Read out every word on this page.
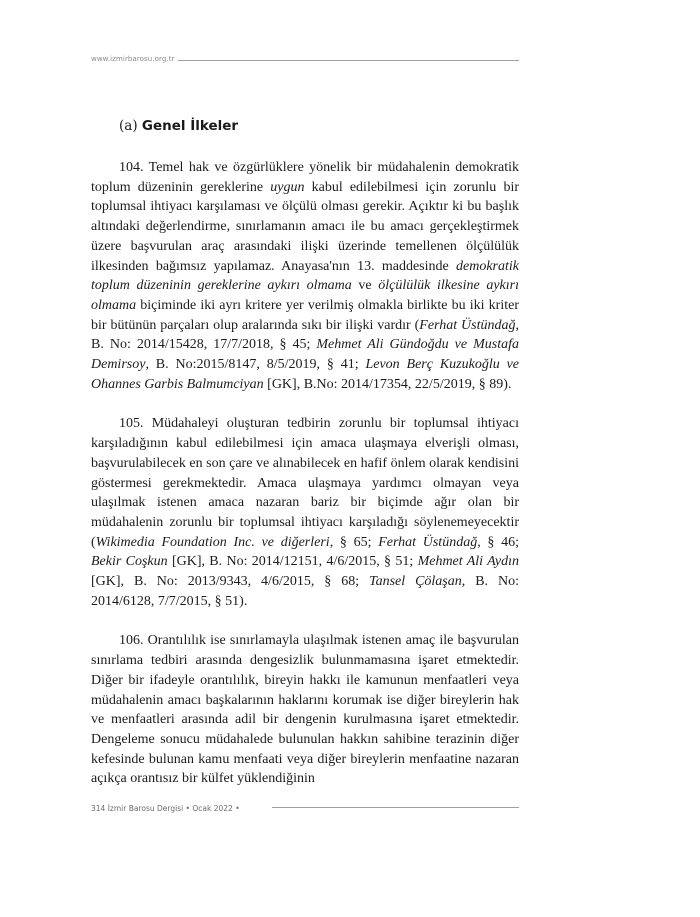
www.izmirbarosu.org.tr
(a) Genel İlkeler

104. Temel hak ve özgürlüklere yönelik bir müdahalenin demokratik toplum düzeninin gereklerine uygun kabul edilebilmesi için zorunlu bir toplumsal ihtiyacı karşılaması ve ölçülü olması gerekir. Açıktır ki bu başlık altındaki değerlendirme, sınırlamanın amacı ile bu amacı gerçekleştirmek üzere başvurulan araç arasındaki ilişki üzerinde temellenen ölçülülük ilkesinden bağımsız yapılamaz. Anayasa'nın 13. maddesinde demokratik toplum düzeninin gereklerine aykırı olmama ve ölçülülük ilkesine aykırı olmama biçiminde iki ayrı kritere yer verilmiş olmakla birlikte bu iki kriter bir bütünün parçaları olup aralarında sıkı bir ilişki vardır (Ferhat Üstündağ, B. No: 2014/15428, 17/7/2018, § 45; Mehmet Ali Gündoğdu ve Mustafa Demirsoy, B. No:2015/8147, 8/5/2019, § 41; Levon Berç Kuzukoğlu ve Ohannes Garbis Balmumciyan [GK], B.No: 2014/17354, 22/5/2019, § 89).

105. Müdahaleyi oluşturan tedbirin zorunlu bir toplumsal ihtiyacı karşıladığının kabul edilebilmesi için amaca ulaşmaya elverişli olması, başvurulabilecek en son çare ve alınabilecek en hafif önlem olarak kendisini göstermesi gerekmektedir. Amaca ulaşmaya yardımcı olmayan veya ulaşılmak istenen amaca nazaran bariz bir biçimde ağır olan bir müdahalenin zorunlu bir toplumsal ihtiyacı karşıladığı söylenemeyecektir (Wikimedia Foundation Inc. ve diğerleri, § 65; Ferhat Üstündağ, § 46; Bekir Coşkun [GK], B. No: 2014/12151, 4/6/2015, § 51; Mehmet Ali Aydın [GK], B. No: 2013/9343, 4/6/2015, § 68; Tansel Çölaşan, B. No: 2014/6128, 7/7/2015, § 51).

106. Orantılılık ise sınırlamayla ulaşılmak istenen amaç ile başvurulan sınırlama tedbiri arasında dengesizlik bulunmamasına işaret etmektedir. Diğer bir ifadeyle orantılılık, bireyin hakkı ile kamunun menfaatleri veya müdahalenin amacı başkalarının haklarını korumak ise diğer bireylerin hak ve menfaatleri arasında adil bir dengenin kurulmasına işaret etmektedir. Dengeleme sonucu müdahalede bulunulan hakkın sahibine terazinin diğer kefesinde bulunan kamu menfaati veya diğer bireylerin menfaatine nazaran açıkça orantısız bir külfet yüklendiğinin

314 İzmir Barosu Dergisi • Ocak 2022 •
